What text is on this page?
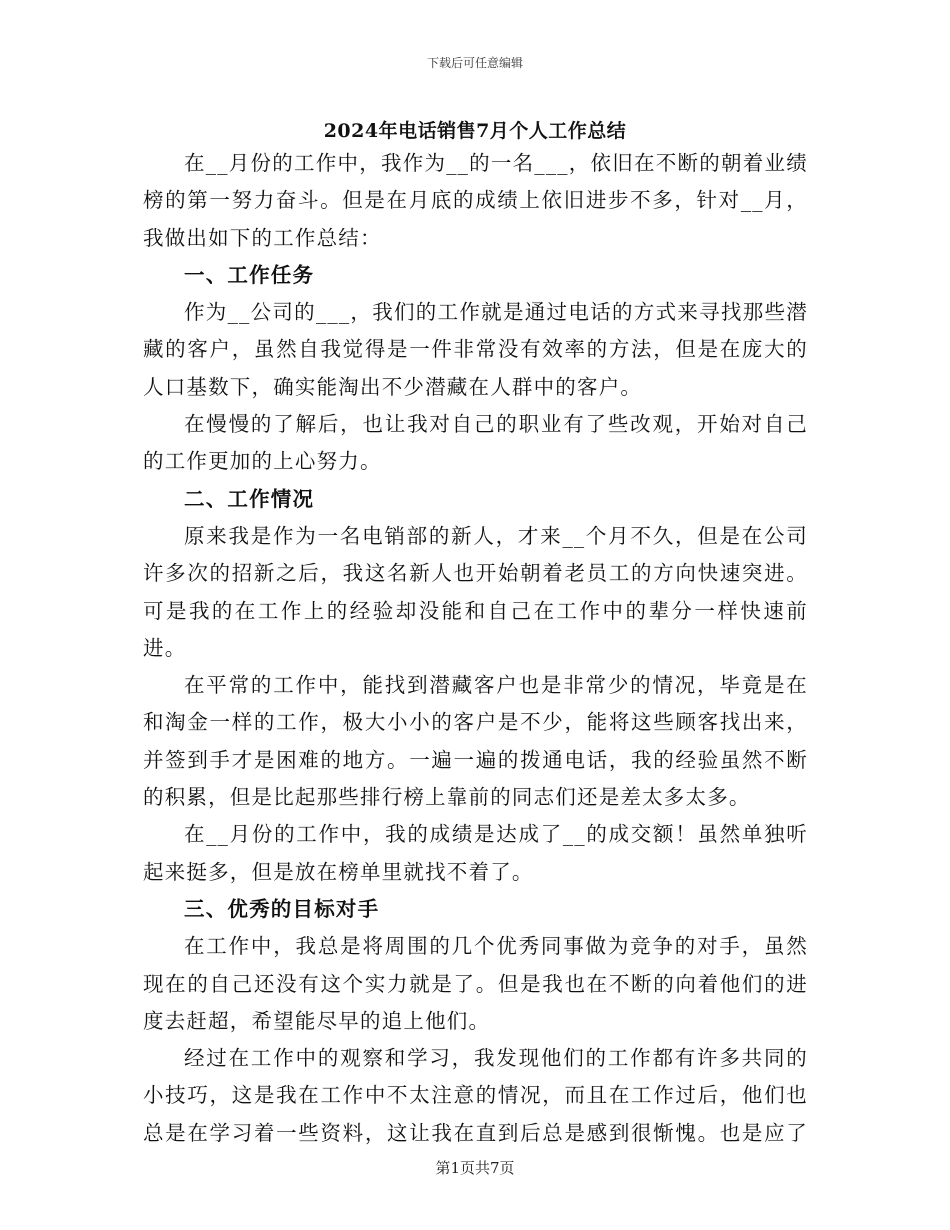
下载后可任意编辑
2024年电话销售7月个人工作总结

在__月份的工作中，我作为__的一名___，依旧在不断的朝着业绩榜的第一努力奋斗。但是在月底的成绩上依旧进步不多，针对__月，我做出如下的工作总结：

一、工作任务

作为__公司的___，我们的工作就是通过电话的方式来寻找那些潜藏的客户，虽然自我觉得是一件非常没有效率的方法，但是在庞大的人口基数下，确实能淘出不少潜藏在人群中的客户。

在慢慢的了解后，也让我对自己的职业有了些改观，开始对自己的工作更加的上心努力。

二、工作情况

原来我是作为一名电销部的新人，才来__个月不久，但是在公司许多次的招新之后，我这名新人也开始朝着老员工的方向快速突进。可是我的在工作上的经验却没能和自己在工作中的辈分一样快速前进。

在平常的工作中，能找到潜藏客户也是非常少的情况，毕竟是在和淘金一样的工作，极大小小的客户是不少，能将这些顾客找出来，并签到手才是困难的地方。一遍一遍的拨通电话，我的经验虽然不断的积累，但是比起那些排行榜上靠前的同志们还是差太多太多。

在__月份的工作中，我的成绩是达成了__的成交额！虽然单独听起来挺多，但是放在榜单里就找不着了。

三、优秀的目标对手

在工作中，我总是将周围的几个优秀同事做为竞争的对手，虽然现在的自己还没有这个实力就是了。但是我也在不断的向着他们的进度去赶超，希望能尽早的追上他们。

经过在工作中的观察和学习，我发现他们的工作都有许多共同的小技巧，这是我在工作中不太注意的情况，而且在工作过后，他们也总是在学习着一些资料，这让我在直到后总是感到很惭愧。也是应了

第1页共7页
